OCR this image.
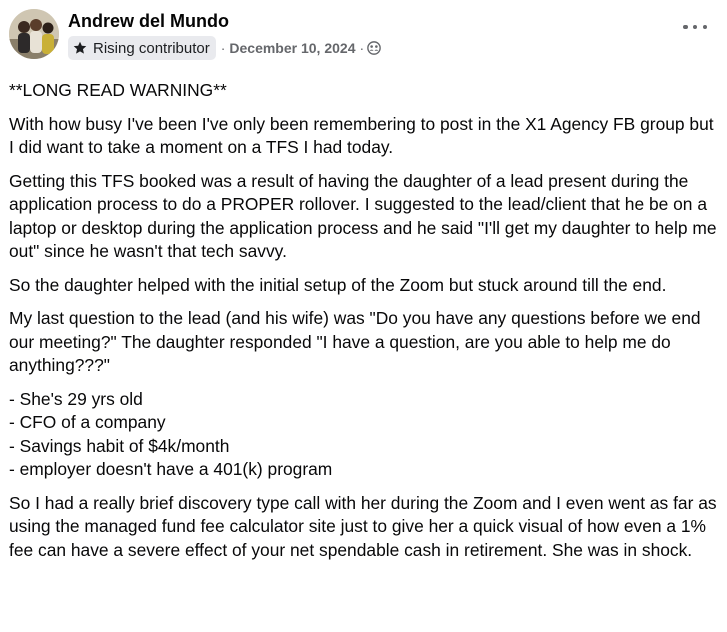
Andrew del Mundo
Rising contributor · December 10, 2024 ·

**LONG READ WARNING**

With how busy I've been I've only been remembering to post in the X1 Agency FB group but I did want to take a moment on a TFS I had today.

Getting this TFS booked was a result of having the daughter of a lead present during the application process to do a PROPER rollover. I suggested to the lead/client that he be on a laptop or desktop during the application process and he said "I'll get my daughter to help me out" since he wasn't that tech savvy.

So the daughter helped with the initial setup of the Zoom but stuck around till the end.

My last question to the lead (and his wife) was "Do you have any questions before we end our meeting?" The daughter responded "I have a question, are you able to help me do anything???"

- She's 29 yrs old
- CFO of a company
- Savings habit of $4k/month
- employer doesn't have a 401(k) program

So I had a really brief discovery type call with her during the Zoom and I even went as far as using the managed fund fee calculator site just to give her a quick visual of how even a 1% fee can have a severe effect of your net spendable cash in retirement. She was in shock.
